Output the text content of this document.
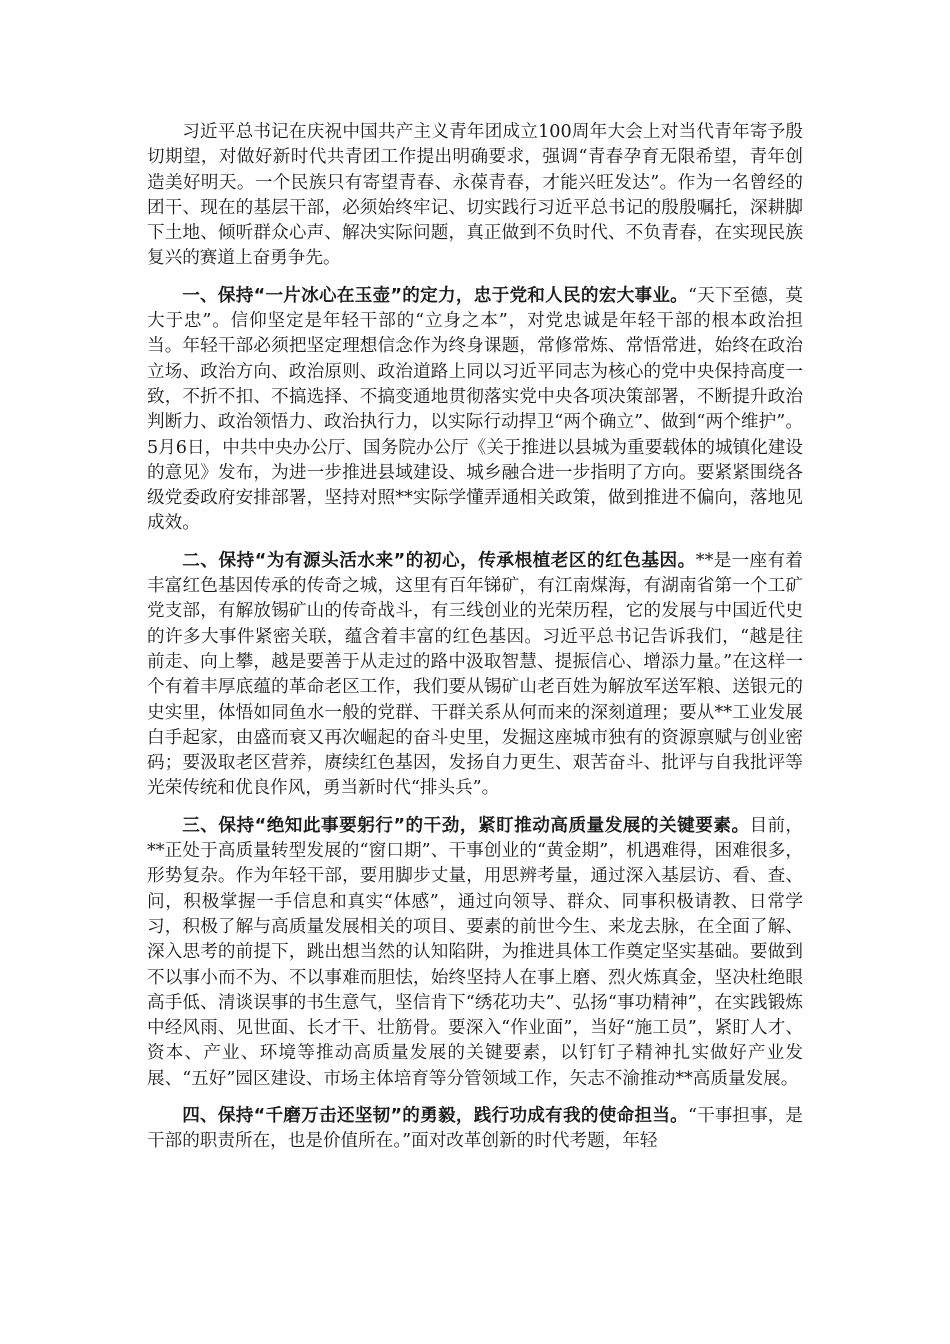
习近平总书记在庆祝中国共产主义青年团成立100周年大会上对当代青年寄予殷切期望，对做好新时代共青团工作提出明确要求，强调“青春孕育无限希望，青年创造美好明天。一个民族只有寄望青春、永葆青春，才能兴旺发达”。作为一名曾经的团干、现在的基层干部，必须始终牢记、切实践行习近平总书记的殷殷嘱托，深耕脚下土地、倾听群众心声、解决实际问题，真正做到不负时代、不负青春，在实现民族复兴的赛道上奋勇争先。

一、保持“一片冰心在玉壶”的定力，忠于党和人民的宏大事业。“天下至德，莫大于忠”。信仰坚定是年轻干部的“立身之本”，对党忠诚是年轻干部的根本政治担当。年轻干部必须把坚定理想信念作为终身课题，常修常炼、常悟常进，始终在政治立场、政治方向、政治原则、政治道路上同以习近平同志为核心的党中央保持高度一致，不折不扣、不搞选择、不搞变通地贯彻落实党中央各项决策部署，不断提升政治判断力、政治领悟力、政治执行力，以实际行动捍卫“两个确立”、做到“两个维护”。5月6日，中共中央办公厅、国务院办公厅《关于推进以县城为重要载体的城镇化建设的意见》发布，为进一步推进县域建设、城乡融合进一步指明了方向。要紧紧围绕各级党委政府安排部署，坚持对照**实际学懂弄通相关政策，做到推进不偏向，落地见成效。

二、保持“为有源头活水来”的初心，传承根植老区的红色基因。**是一座有着丰富红色基因传承的传奇之城，这里有百年锑矿，有江南煤海，有湖南省第一个工矿党支部，有解放锡矿山的传奇战斗，有三线创业的光荣历程，它的发展与中国近代史的许多大事件紧密关联，蕴含着丰富的红色基因。习近平总书记告诉我们，“越是往前走、向上攀，越是要善于从走过的路中汲取智慧、提振信心、增添力量。”在这样一个有着丰厚底蕴的革命老区工作，我们要从锡矿山老百姓为解放军送军粮、送银元的史实里，体悟如同鱼水一般的党群、干群关系从何而来的深刻道理；要从**工业发展白手起家，由盛而衰又再次崛起的奋斗史里，发掘这座城市独有的资源禀赋与创业密码；要汲取老区营养，赓续红色基因，发扬自力更生、艰苦奋斗、批评与自我批评等光荣传统和优良作风，勇当新时代“排头兵”。

三、保持“绝知此事要躬行”的干劲，紧盯推动高质量发展的关键要素。目前，**正处于高质量转型发展的“窗口期”、干事创业的“黄金期”，机遇难得，困难很多，形势复杂。作为年轻干部，要用脚步丈量，用思辨考量，通过深入基层访、看、查、问，积极掌握一手信息和真实“体感”，通过向领导、群众、同事积极请教、日常学习，积极了解与高质量发展相关的项目、要素的前世今生、来龙去脉，在全面了解、深入思考的前提下，跳出想当然的认知陷阱，为推进具体工作奠定坚实基础。要做到不以事小而不为、不以事难而胆怯，始终坚持人在事上磨、烈火炼真金，坚决杜绝眼高手低、清谈误事的书生意气，坚信肯下“绣花功夫”、弘扬“事功精神”，在实践锻炼中经风雨、见世面、长才干、壮筋骨。要深入“作业面”，当好“施工员”，紧盯人才、资本、产业、环境等推动高质量发展的关键要素，以钉钉子精神扎实做好产业发展、“五好”园区建设、市场主体培育等分管领域工作，矢志不渝推动**高质量发展。

四、保持“千磨万击还坚韧”的勇毅，践行功成有我的使命担当。“干事担事，是干部的职责所在，也是价值所在。”面对改革创新的时代考题，年轻
